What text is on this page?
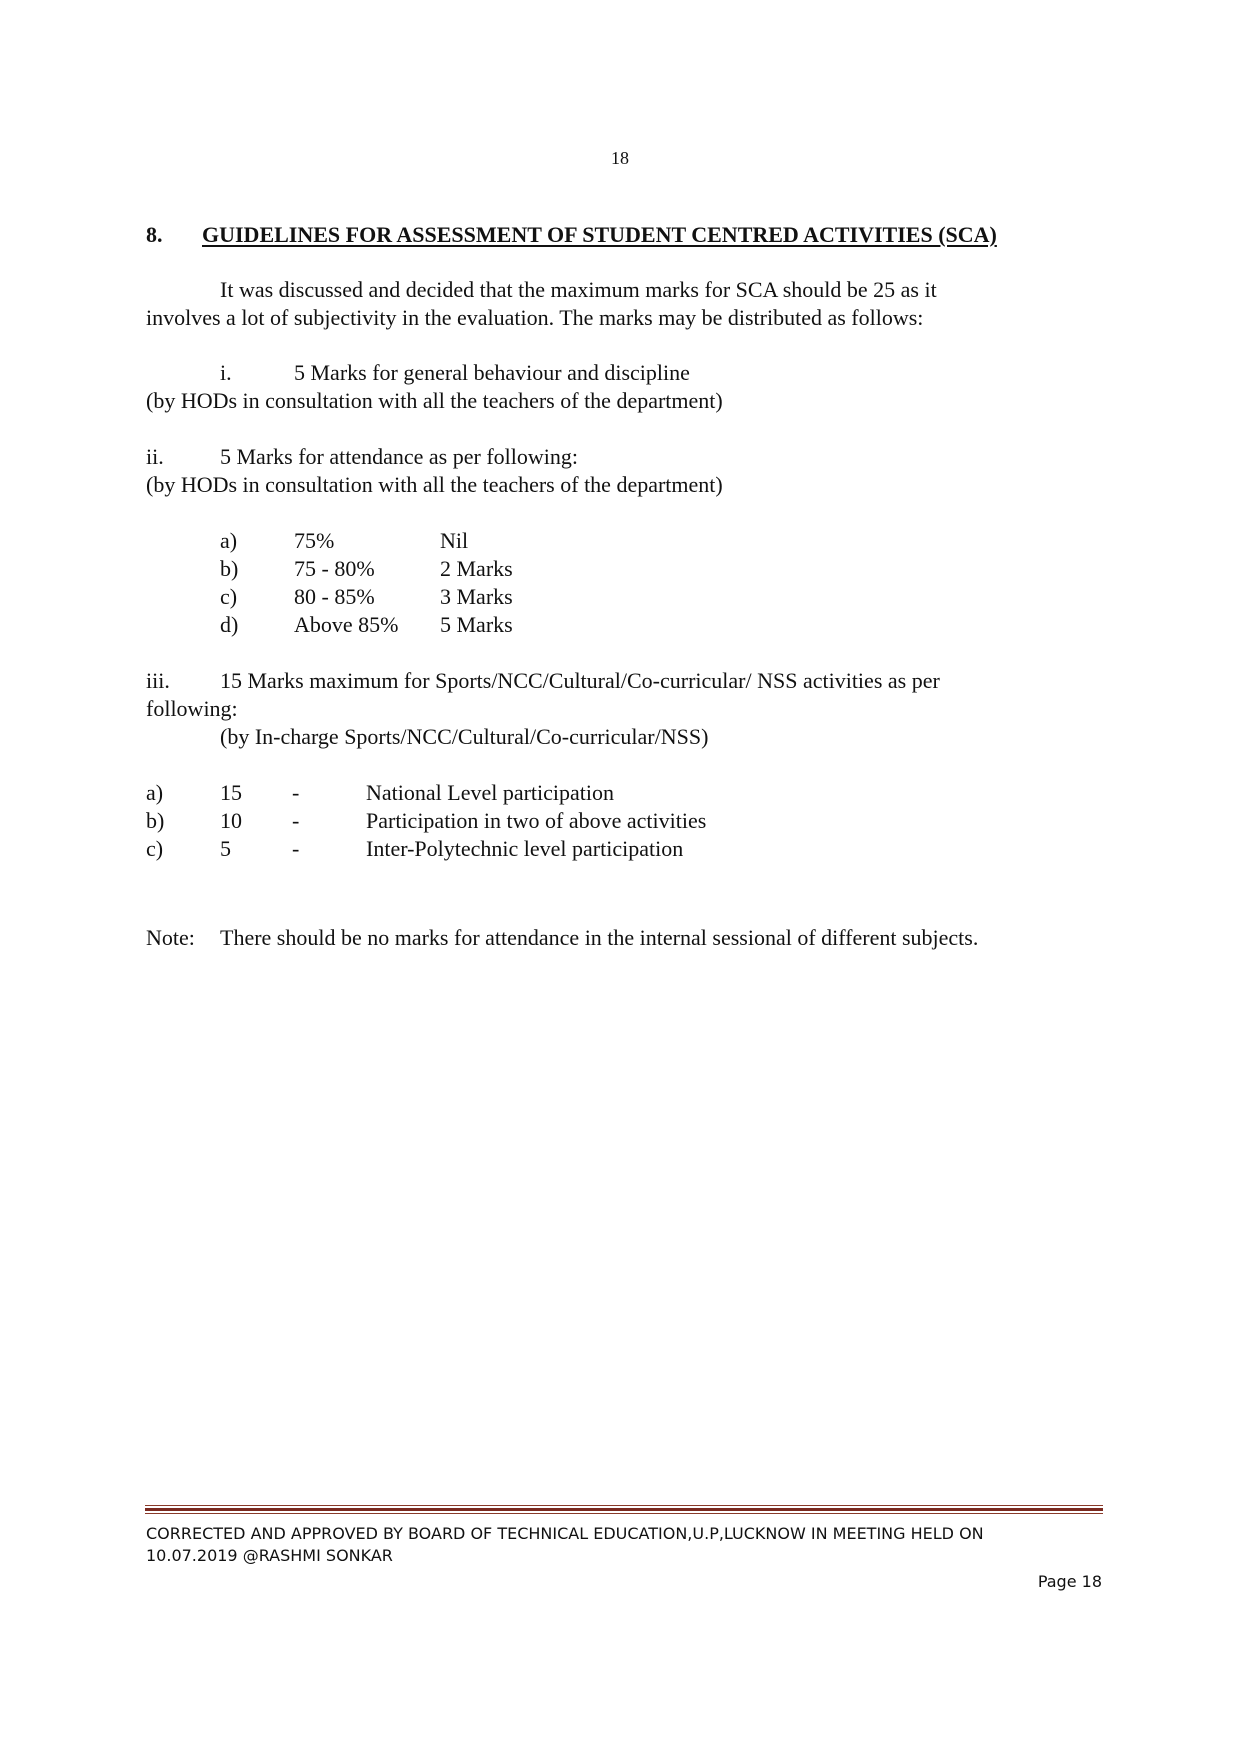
18
8. GUIDELINES FOR ASSESSMENT OF STUDENT CENTRED ACTIVITIES (SCA)
It was discussed and decided that the maximum marks for SCA should be 25 as it
involves a lot of subjectivity in the evaluation. The marks may be distributed as follows:
i.	5 Marks for general behaviour and discipline
(by HODs in consultation with all the teachers of the department)
ii.	5 Marks for attendance as per following:
(by HODs in consultation with all the teachers of the department)
a)	75%	Nil
b)	75 - 80%	2 Marks
c)	80 - 85%	3 Marks
d)	Above 85% 5 Marks
iii. 15 Marks maximum for Sports/NCC/Cultural/Co-curricular/ NSS activities as per
following:
(by In-charge Sports/NCC/Cultural/Co-curricular/NSS)
a)	15 -	National Level participation
b)	10 -	Participation in two of above activities
c)	5	-	Inter-Polytechnic level participation
Note: There should be no marks for attendance in the internal sessional of different subjects.
CORRECTED AND APPROVED BY BOARD OF TECHNICAL EDUCATION,U.P,LUCKNOW IN MEETING HELD ON
10.07.2019 @RASHMI SONKAR
Page 18
